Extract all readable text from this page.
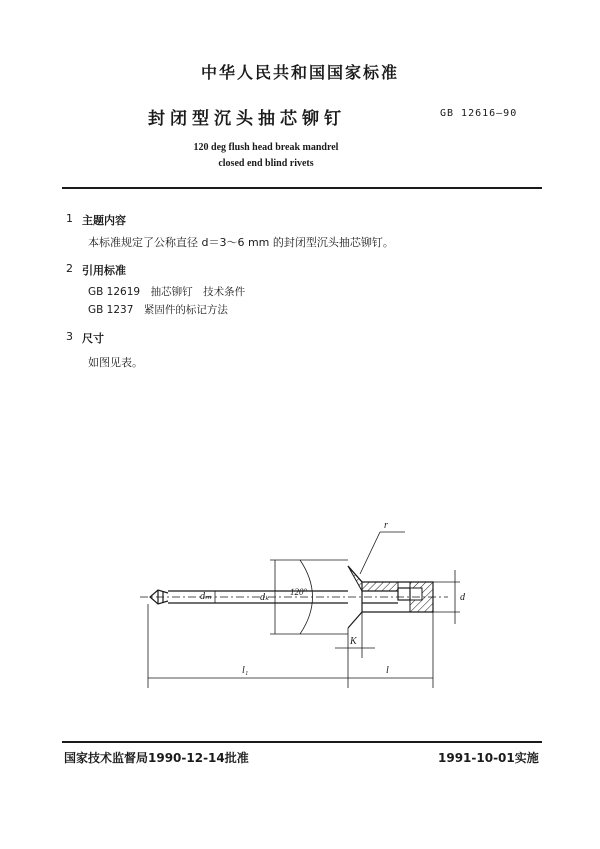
中华人民共和国国家标准
封闭型沉头抽芯铆钉	GB 12616—90
120 deg flush head break mandrel
closed end blind rivets
1 主题内容
本标准规定了公称直径 d＝3～6 mm 的封闭型沉头抽芯铆钉。
2 引用标准
GB 12619　抽芯铆钉　技术条件
GB 1237　紧固件的标记方法
3 尺寸
如图见表。
r
dₘ	dₖ 120°	d
K
l₁	l
国家技术监督局1990-12-14批准	1991-10-01实施
